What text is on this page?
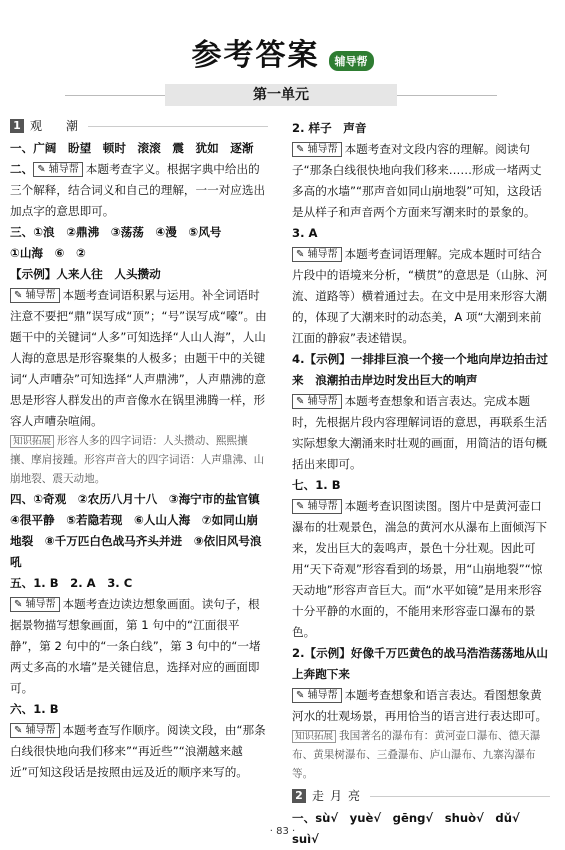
参考答案 辅导帮
第一单元
1 观　潮

一、广阔　盼望　顿时　滚滚　震　犹如　逐渐

二、✎ 辅导帮 本题考查字义。根据字典中给出的三个解释，结合词义和自己的理解，一一对应选出加点字的意思即可。

三、①浪　②鼎沸　③荡荡　④漫　⑤风号

①山海　⑥　②

【示例】人来人往　人头攒动

✎ 辅导帮 本题考查词语积累与运用。补全词语时注意不要把“鼎”误写成“顶”；“号”误写成“嚎”。由题干中的关键词“人多”可知选择“人山人海”，人山人海的意思是形容聚集的人极多；由题干中的关键词“人声嘈杂”可知选择“人声鼎沸”，人声鼎沸的意思是形容人群发出的声音像水在锅里沸腾一样，形容人声嘈杂喧闹。

知识拓展 形容人多的四字词语：人头攒动、熙熙攘攘、摩肩接踵。形容声音大的四字词语：人声鼎沸、山崩地裂、震天动地。

四、①奇观　②农历八月十八　③海宁市的盐官镇

④很平静　⑤若隐若现　⑥人山人海　⑦如同山崩地裂　⑧千万匹白色战马齐头并进　⑨依旧风号浪吼

五、1. B　2. A　3. C

✎ 辅导帮 本题考查边读边想象画面。读句子，根据景物描写想象画面，第 1 句中的“江面很平静”，第 2 句中的“一条白线”，第 3 句中的“一堵两丈多高的水墙”是关键信息，选择对应的画面即可。

六、1. B

✎ 辅导帮 本题考查写作顺序。阅读文段，由“那条白线很快地向我们移来”“再近些”“浪潮越来越近”可知这段话是按照由远及近的顺序来写的。

2. 样子　声音

✎ 辅导帮 本题考查对文段内容的理解。阅读句子“那条白线很快地向我们移来……形成一堵两丈多高的水墙”“那声音如同山崩地裂”可知，这段话是从样子和声音两个方面来写潮来时的景象的。

3. A

✎ 辅导帮 本题考查词语理解。完成本题时可结合片段中的语境来分析，“横贯”的意思是（山脉、河流、道路等）横着通过去。在文中是用来形容大潮的，体现了大潮来时的动态美，A 项“大潮到来前江面的静寂”表述错误。

4.【示例】一排排巨浪一个接一个地向岸边拍击过来　浪潮拍击岸边时发出巨大的响声

✎ 辅导帮 本题考查想象和语言表达。完成本题时，先根据片段内容理解词语的意思，再联系生活实际想象大潮涌来时壮观的画面，用简洁的语句概括出来即可。

七、1. B

✎ 辅导帮 本题考查识图读图。图片中是黄河壶口瀑布的壮观景色，湍急的黄河水从瀑布上面倾泻下来，发出巨大的轰鸣声，景色十分壮观。因此可用“天下奇观”形容看到的场景，用“山崩地裂”“惊天动地”形容声音巨大。而“水平如镜”是用来形容十分平静的水面的，不能用来形容壶口瀑布的景色。

2.【示例】好像千万匹黄色的战马浩浩荡荡地从山上奔跑下来

✎ 辅导帮 本题考查想象和语言表达。看图想象黄河水的壮观场景，再用恰当的语言进行表达即可。

知识拓展 我国著名的瀑布有：黄河壶口瀑布、德天瀑布、黄果树瀑布、三叠瀑布、庐山瀑布、九寨沟瀑布等。

2 走月亮

一、sù√　yuè√　gēng√　shuò√　dǔ√　suì√

· 83 ·
